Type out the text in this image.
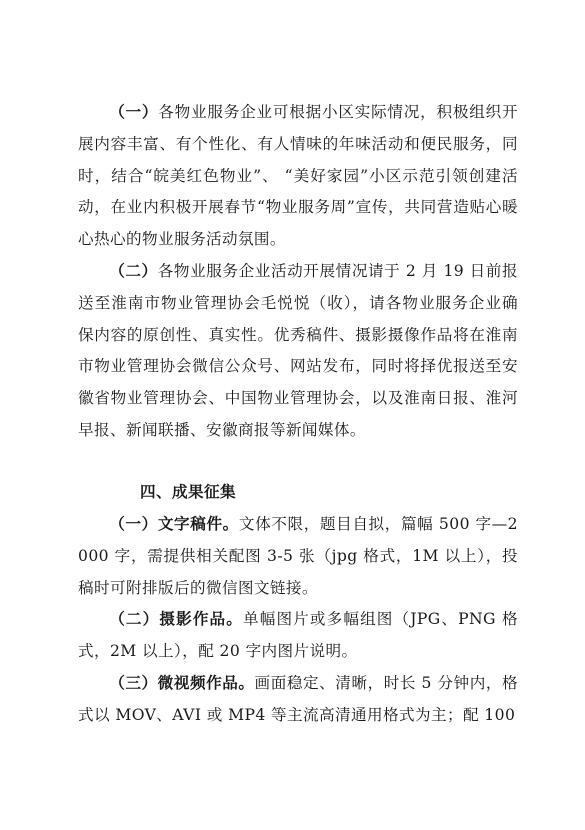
（一）各物业服务企业可根据小区实际情况，积极组织开展内容丰富、有个性化、有人情味的年味活动和便民服务，同时，结合“皖美红色物业”、 “美好家园”小区示范引领创建活动，在业内积极开展春节“物业服务周”宣传，共同营造贴心暖心热心的物业服务活动氛围。

（二）各物业服务企业活动开展情况请于 2 月 19 日前报送至淮南市物业管理协会毛悦悦（收），请各物业服务企业确保内容的原创性、真实性。优秀稿件、摄影摄像作品将在淮南市物业管理协会微信公众号、网站发布，同时将择优报送至安徽省物业管理协会、中国物业管理协会，以及淮南日报、淮河早报、新闻联播、安徽商报等新闻媒体。

四、成果征集

（一）文字稿件。文体不限，题目自拟，篇幅 500 字—2000 字，需提供相关配图 3-5 张（jpg 格式，1M 以上），投稿时可附排版后的微信图文链接。

（二）摄影作品。单幅图片或多幅组图（JPG、PNG 格式，2M 以上），配 20 字内图片说明。

（三）微视频作品。画面稳定、清晰，时长 5 分钟内，格式以 MOV、AVI 或 MP4 等主流高清通用格式为主；配 100
